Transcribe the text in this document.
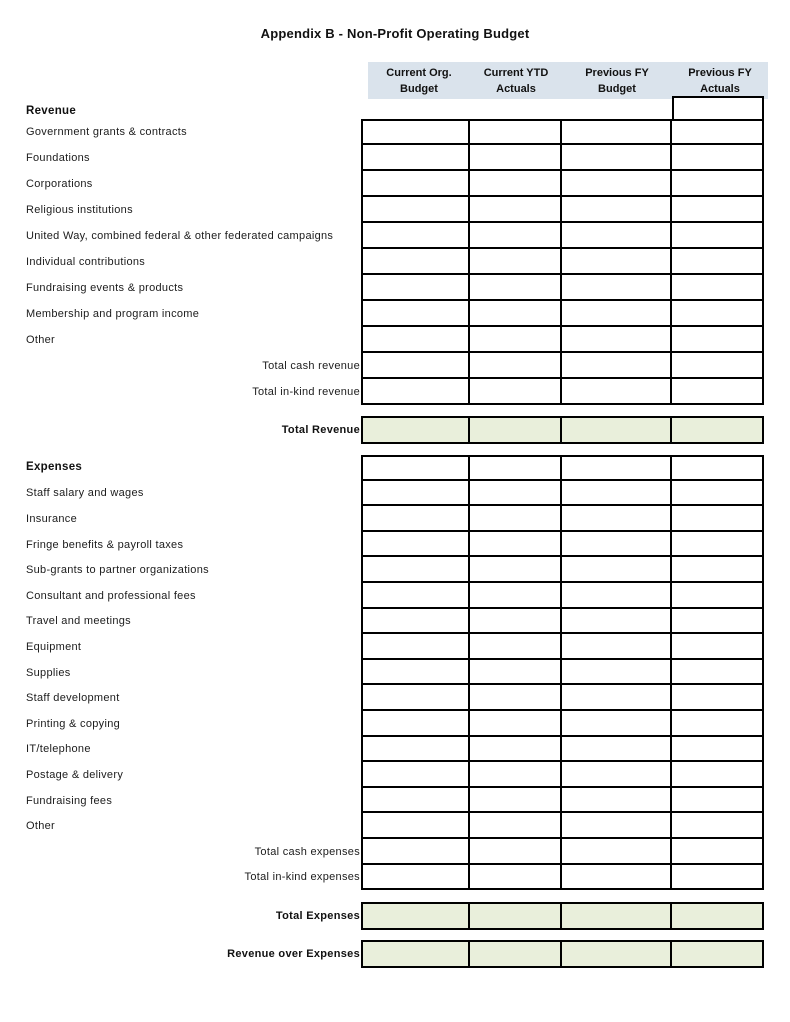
Appendix B - Non-Profit Operating Budget
Current Org.
Budget
Current YTD
Actuals
Previous FY
Budget
Previous FY
Actuals
Revenue
Government grants & contracts
Foundations
Corporations
Religious institutions
United Way, combined federal & other federated campaigns
Individual contributions
Fundraising events & products
Membership and program income
Other
Total cash revenue
Total in-kind revenue
Total Revenue
Expenses
Staff salary and wages
Insurance
Fringe benefits & payroll taxes
Sub-grants to partner organizations
Consultant and professional fees
Travel and meetings
Equipment
Supplies
Staff development
Printing & copying
IT/telephone
Postage & delivery
Fundraising fees
Other
Total cash expenses
Total in-kind expenses
Total Expenses
Revenue over Expenses
